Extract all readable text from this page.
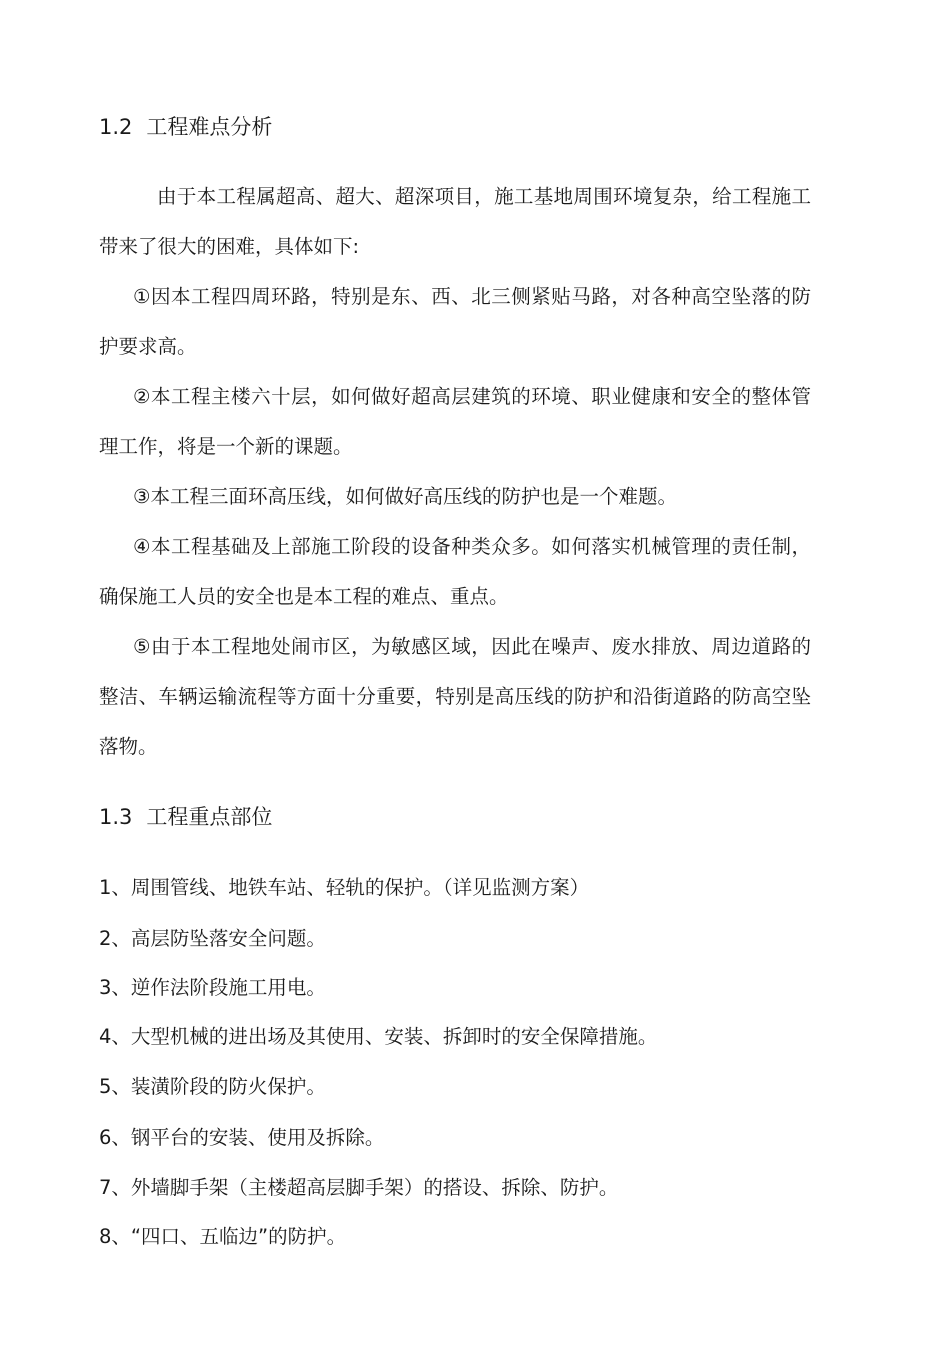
1.2 工程难点分析
由于本工程属超高、超大、超深项目，施工基地周围环境复杂，给工程施工带来了很大的困难，具体如下:
①因本工程四周环路，特别是东、西、北三侧紧贴马路，对各种高空坠落的防护要求高。
②本工程主楼六十层，如何做好超高层建筑的环境、职业健康和安全的整体管理工作，将是一个新的课题。
③本工程三面环高压线，如何做好高压线的防护也是一个难题。
④本工程基础及上部施工阶段的设备种类众多。如何落实机械管理的责任制，确保施工人员的安全也是本工程的难点、重点。
⑤由于本工程地处闹市区，为敏感区域，因此在噪声、废水排放、周边道路的整洁、车辆运输流程等方面十分重要，特别是高压线的防护和沿街道路的防高空坠落物。
1.3 工程重点部位
1、周围管线、地铁车站、轻轨的保护。（详见监测方案）
2、高层防坠落安全问题。
3、逆作法阶段施工用电。
4、大型机械的进出场及其使用、安装、拆卸时的安全保障措施。
5、装潢阶段的防火保护。
6、钢平台的安装、使用及拆除。
7、外墙脚手架（主楼超高层脚手架）的搭设、拆除、防护。
8、“四口、五临边”的防护。
